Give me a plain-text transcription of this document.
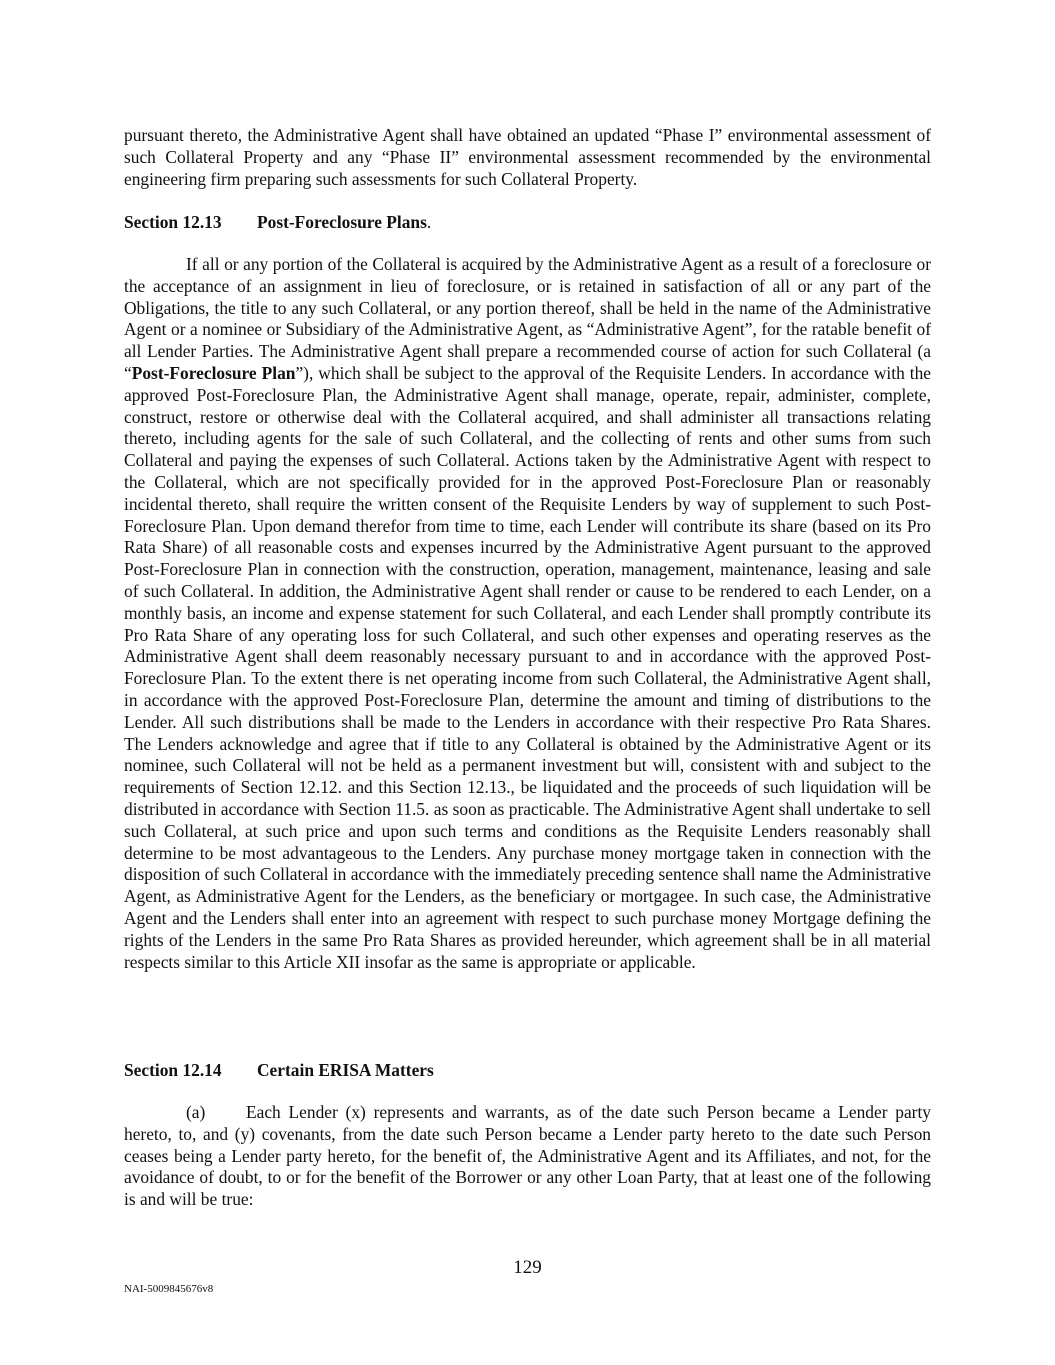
pursuant thereto, the Administrative Agent shall have obtained an updated “Phase I” environmental assessment of such Collateral Property and any “Phase II” environmental assessment recommended by the environmental engineering firm preparing such assessments for such Collateral Property.

Section 12.13 Post-Foreclosure Plans.

If all or any portion of the Collateral is acquired by the Administrative Agent as a result of a foreclosure or the acceptance of an assignment in lieu of foreclosure, or is retained in satisfaction of all or any part of the Obligations, the title to any such Collateral, or any portion thereof, shall be held in the name of the Administrative Agent or a nominee or Subsidiary of the Administrative Agent, as “Administrative Agent”, for the ratable benefit of all Lender Parties. The Administrative Agent shall prepare a recommended course of action for such Collateral (a “Post-Foreclosure Plan”), which shall be subject to the approval of the Requisite Lenders. In accordance with the approved Post-Foreclosure Plan, the Administrative Agent shall manage, operate, repair, administer, complete, construct, restore or otherwise deal with the Collateral acquired, and shall administer all transactions relating thereto, including agents for the sale of such Collateral, and the collecting of rents and other sums from such Collateral and paying the expenses of such Collateral. Actions taken by the Administrative Agent with respect to the Collateral, which are not specifically provided for in the approved Post-Foreclosure Plan or reasonably incidental thereto, shall require the written consent of the Requisite Lenders by way of supplement to such Post-Foreclosure Plan. Upon demand therefor from time to time, each Lender will contribute its share (based on its Pro Rata Share) of all reasonable costs and expenses incurred by the Administrative Agent pursuant to the approved Post-Foreclosure Plan in connection with the construction, operation, management, maintenance, leasing and sale of such Collateral. In addition, the Administrative Agent shall render or cause to be rendered to each Lender, on a monthly basis, an income and expense statement for such Collateral, and each Lender shall promptly contribute its Pro Rata Share of any operating loss for such Collateral, and such other expenses and operating reserves as the Administrative Agent shall deem reasonably necessary pursuant to and in accordance with the approved Post-Foreclosure Plan. To the extent there is net operating income from such Collateral, the Administrative Agent shall, in accordance with the approved Post-Foreclosure Plan, determine the amount and timing of distributions to the Lender. All such distributions shall be made to the Lenders in accordance with their respective Pro Rata Shares. The Lenders acknowledge and agree that if title to any Collateral is obtained by the Administrative Agent or its nominee, such Collateral will not be held as a permanent investment but will, consistent with and subject to the requirements of Section 12.12. and this Section 12.13., be liquidated and the proceeds of such liquidation will be distributed in accordance with Section 11.5. as soon as practicable. The Administrative Agent shall undertake to sell such Collateral, at such price and upon such terms and conditions as the Requisite Lenders reasonably shall determine to be most advantageous to the Lenders. Any purchase money mortgage taken in connection with the disposition of such Collateral in accordance with the immediately preceding sentence shall name the Administrative Agent, as Administrative Agent for the Lenders, as the beneficiary or mortgagee. In such case, the Administrative Agent and the Lenders shall enter into an agreement with respect to such purchase money Mortgage defining the rights of the Lenders in the same Pro Rata Shares as provided hereunder, which agreement shall be in all material respects similar to this Article XII insofar as the same is appropriate or applicable.

Section 12.14 Certain ERISA Matters

(a) Each Lender (x) represents and warrants, as of the date such Person became a Lender party hereto, to, and (y) covenants, from the date such Person became a Lender party hereto to the date such Person ceases being a Lender party hereto, for the benefit of, the Administrative Agent and its Affiliates, and not, for the avoidance of doubt, to or for the benefit of the Borrower or any other Loan Party, that at least one of the following is and will be true:

129
NAI-5009845676v8
